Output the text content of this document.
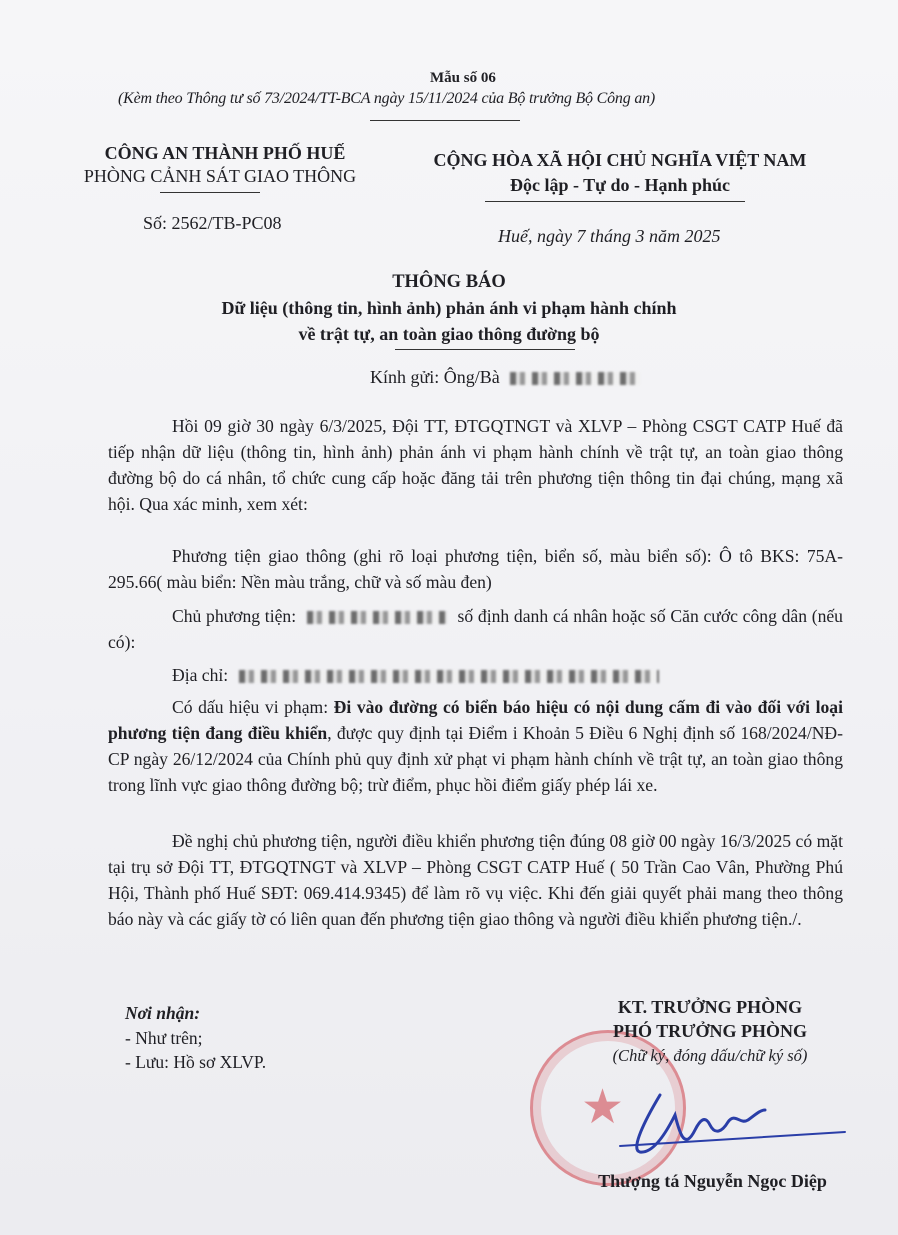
Mẫu số 06
(Kèm theo Thông tư số 73/2024/TT-BCA ngày 15/11/2024 của Bộ trưởng Bộ Công an)
CÔNG AN THÀNH PHỐ HUẾ
PHÒNG CẢNH SÁT GIAO THÔNG
Số: 2562/TB-PC08
CỘNG HÒA XÃ HỘI CHỦ NGHĨA VIỆT NAM
Độc lập - Tự do - Hạnh phúc
Huế, ngày 7 tháng 3 năm 2025
THÔNG BÁO
Dữ liệu (thông tin, hình ảnh) phản ánh vi phạm hành chính
về trật tự, an toàn giao thông đường bộ
Kính gửi: Ông/Bà
Hồi 09 giờ 30 ngày 6/3/2025, Đội TT, ĐTGQTNGT và XLVP – Phòng CSGT CATP Huế đã tiếp nhận dữ liệu (thông tin, hình ảnh) phản ánh vi phạm hành chính về trật tự, an toàn giao thông đường bộ do cá nhân, tổ chức cung cấp hoặc đăng tải trên phương tiện thông tin đại chúng, mạng xã hội. Qua xác minh, xem xét:
Phương tiện giao thông (ghi rõ loại phương tiện, biển số, màu biển số): Ô tô BKS: 75A-295.66( màu biển: Nền màu trắng, chữ và số màu đen)
Chủ phương tiện:	số định danh cá nhân hoặc số Căn cước công dân (nếu có):
Địa chỉ:
Có dấu hiệu vi phạm: Đi vào đường có biển báo hiệu có nội dung cấm đi vào đối với loại phương tiện đang điều khiển, được quy định tại Điểm i Khoản 5 Điều 6 Nghị định số 168/2024/NĐ-CP ngày 26/12/2024 của Chính phủ quy định xử phạt vi phạm hành chính về trật tự, an toàn giao thông trong lĩnh vực giao thông đường bộ; trừ điểm, phục hồi điểm giấy phép lái xe.
Đề nghị chủ phương tiện, người điều khiển phương tiện đúng 08 giờ 00 ngày 16/3/2025 có mặt tại trụ sở Đội TT, ĐTGQTNGT và XLVP – Phòng CSGT CATP Huế ( 50 Trần Cao Vân, Phường Phú Hội, Thành phố Huế SĐT: 069.414.9345) để làm rõ vụ việc. Khi đến giải quyết phải mang theo thông báo này và các giấy tờ có liên quan đến phương tiện giao thông và người điều khiển phương tiện./.
Nơi nhận:
- Như trên;
- Lưu: Hồ sơ XLVP.
★
KT. TRƯỞNG PHÒNG
PHÓ TRƯỞNG PHÒNG
(Chữ ký, đóng dấu/chữ ký số)
Thượng tá Nguyễn Ngọc Diệp
